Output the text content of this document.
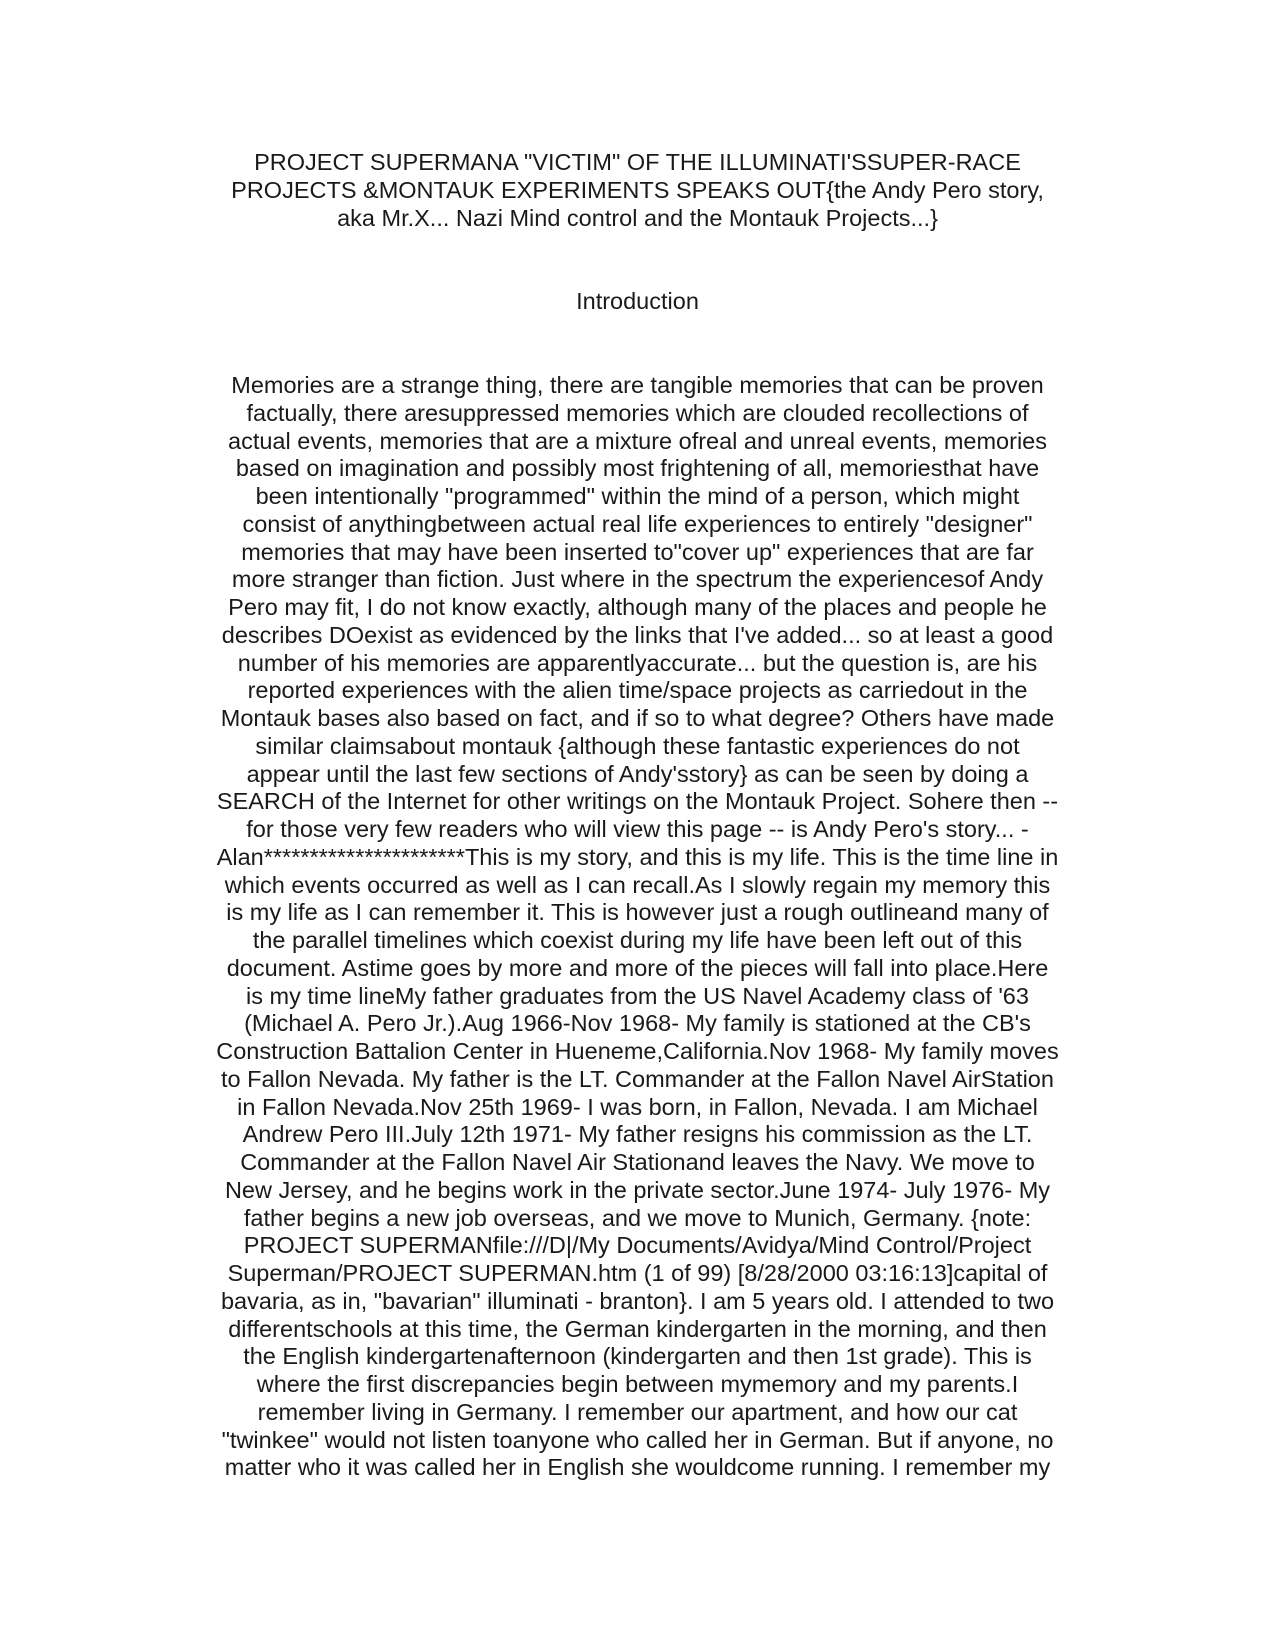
PROJECT SUPERMANA "VICTIM" OF THE ILLUMINATI'SSUPER-RACE
PROJECTS &MONTAUK EXPERIMENTS SPEAKS OUT{the Andy Pero story,
aka Mr.X... Nazi Mind control and the Montauk Projects...}
Introduction
Memories are a strange thing, there are tangible memories that can be proven
factually, there aresuppressed memories which are clouded recollections of
actual events, memories that are a mixture ofreal and unreal events, memories
based on imagination and possibly most frightening of all, memoriesthat have
been intentionally "programmed" within the mind of a person, which might
consist of anythingbetween actual real life experiences to entirely "designer"
memories that may have been inserted to"cover up" experiences that are far
more stranger than fiction. Just where in the spectrum the experiencesof Andy
Pero may fit, I do not know exactly, although many of the places and people he
describes DOexist as evidenced by the links that I've added... so at least a good
number of his memories are apparentlyaccurate... but the question is, are his
reported experiences with the alien time/space projects as carriedout in the
Montauk bases also based on fact, and if so to what degree? Others have made
similar claimsabout montauk {although these fantastic experiences do not
appear until the last few sections of Andy'sstory} as can be seen by doing a
SEARCH of the Internet for other writings on the Montauk Project. Sohere then --
for those very few readers who will view this page -- is Andy Pero's story... -
Alan**********************This is my story, and this is my life. This is the time line in
which events occurred as well as I can recall.As I slowly regain my memory this
is my life as I can remember it. This is however just a rough outlineand many of
the parallel timelines which coexist during my life have been left out of this
document. Astime goes by more and more of the pieces will fall into place.Here
is my time lineMy father graduates from the US Navel Academy class of '63
(Michael A. Pero Jr.).Aug 1966-Nov 1968- My family is stationed at the CB's
Construction Battalion Center in Hueneme,California.Nov 1968- My family moves
to Fallon Nevada. My father is the LT. Commander at the Fallon Navel AirStation
in Fallon Nevada.Nov 25th 1969- I was born, in Fallon, Nevada. I am Michael
Andrew Pero III.July 12th 1971- My father resigns his commission as the LT.
Commander at the Fallon Navel Air Stationand leaves the Navy. We move to
New Jersey, and he begins work in the private sector.June 1974- July 1976- My
father begins a new job overseas, and we move to Munich, Germany. {note:
PROJECT SUPERMANfile:///D|/My Documents/Avidya/Mind Control/Project
Superman/PROJECT SUPERMAN.htm (1 of 99) [8/28/2000 03:16:13]capital of
bavaria, as in, "bavarian" illuminati - branton}. I am 5 years old. I attended to two
differentschools at this time, the German kindergarten in the morning, and then
the English kindergartenafternoon (kindergarten and then 1st grade). This is
where the first discrepancies begin between mymemory and my parents.I
remember living in Germany. I remember our apartment, and how our cat
"twinkee" would not listen toanyone who called her in German. But if anyone, no
matter who it was called her in English she wouldcome running. I remember my
